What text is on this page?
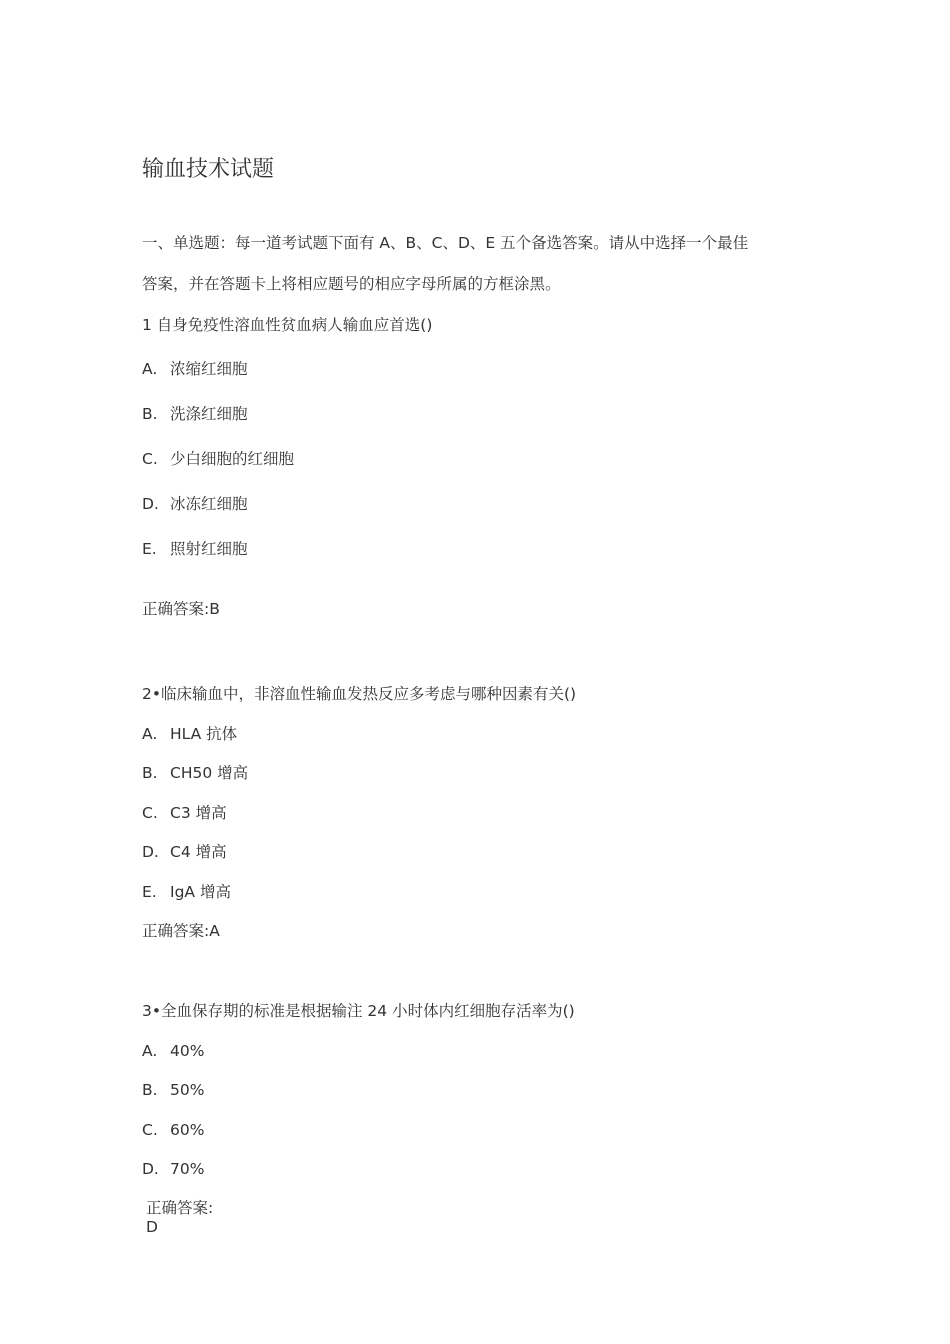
输血技术试题
一、单选题：每一道考试题下面有 A、B、C、D、E 五个备选答案。请从中选择一个最佳
答案，并在答题卡上将相应题号的相应字母所属的方框涂黑。
1 自身免疫性溶血性贫血病人输血应首选()
A. 浓缩红细胞
B. 洗涤红细胞
C. 少白细胞的红细胞
D. 冰冻红细胞
E. 照射红细胞
正确答案:B
2•临床输血中，非溶血性输血发热反应多考虑与哪种因素有关()
A. HLA 抗体
B. CH50 增高
C. C3 增高
D. C4 增高
E. IgA 增高
正确答案:A
3•全血保存期的标准是根据输注 24 小时体内红细胞存活率为()
A. 40%
B. 50%
C. 60%
D. 70%
正确答案:
D
